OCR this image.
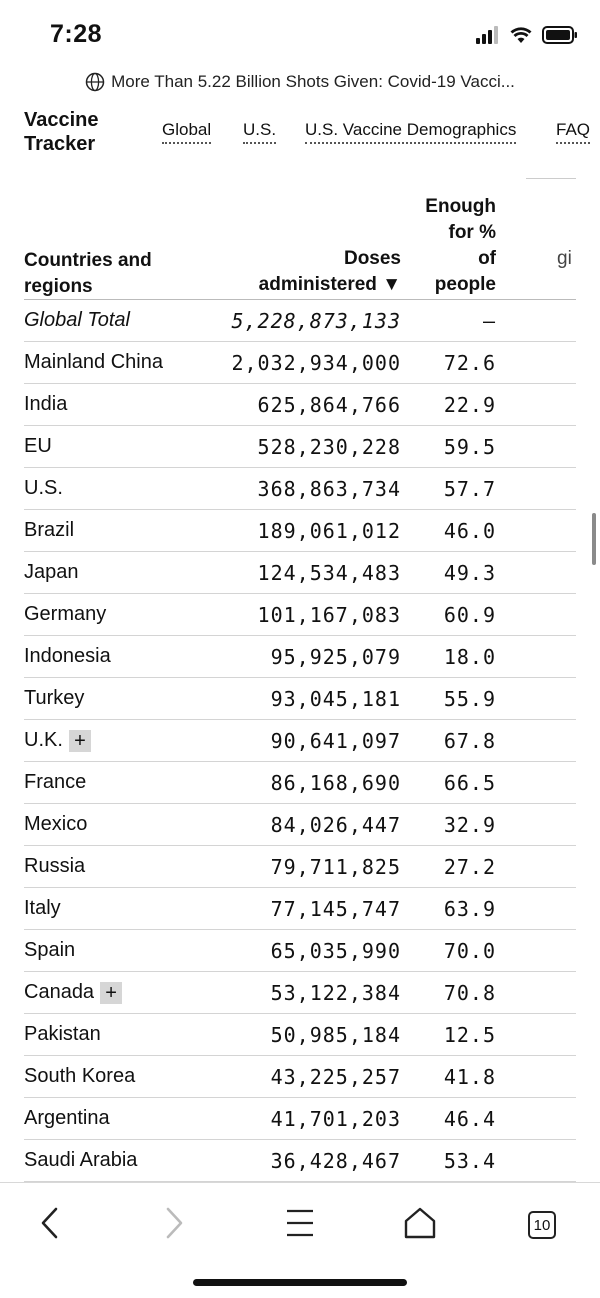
7:28
More Than 5.22 Billion Shots Given: Covid-19 Vacci...
Vaccine
Tracker
Global U.S. U.S. Vaccine Demographics FAQ
Countries and
regions
Doses
administered ▼
Enough
for %
of
people
gi
Global Total	5,228,873,133	–
Mainland China	2,032,934,000 72.6
India	625,864,766 22.9
EU	528,230,228 59.5
U.S.	368,863,734 57.7
Brazil	189,061,012 46.0
Japan	124,534,483 49.3
Germany	101,167,083 60.9
Indonesia	95,925,079 18.0
Turkey	93,045,181 55.9
U.K. +	90,641,097 67.8
France	86,168,690 66.5
Mexico	84,026,447 32.9
Russia	79,711,825 27.2
Italy	77,145,747 63.9
Spain	65,035,990 70.0
Canada +	53,122,384 70.8
Pakistan	50,985,184 12.5
South Korea	43,225,257 41.8
Argentina	41,701,203 46.4
Saudi Arabia	36,428,467 53.4
10
